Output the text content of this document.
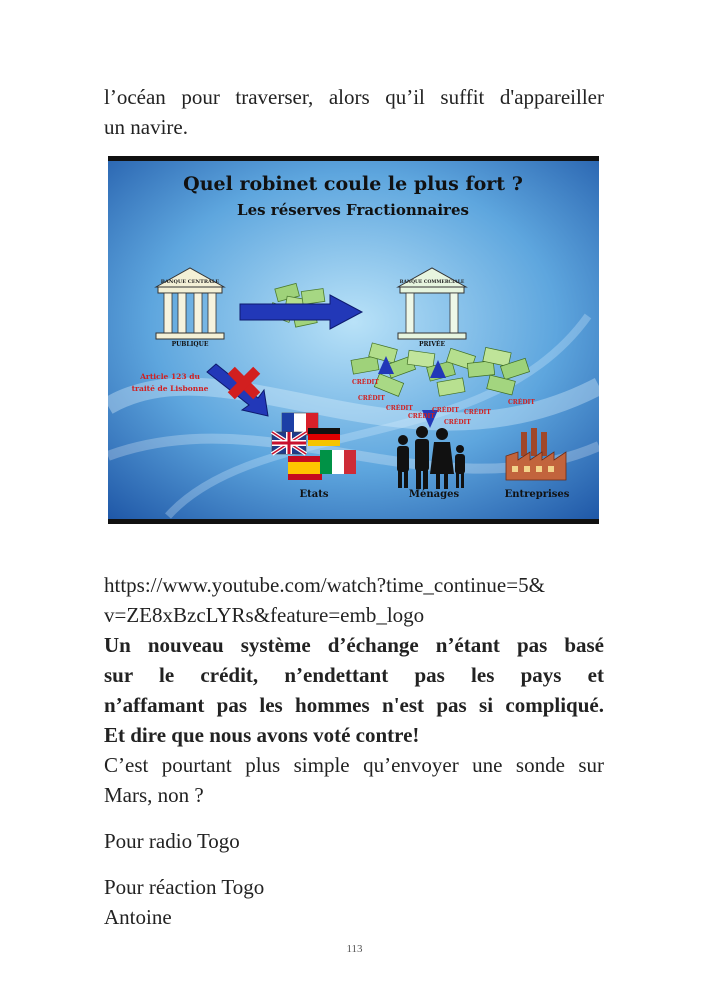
l’océan pour traverser, alors qu’il suffit d'appareiller

un navire.

Quel robinet coule le plus fort ?
Les réserves Fractionnaires
BANQUE CENTRALE
PUBLIQUE
BANQUE COMMERCIALE
PRIVÉE
Article 123 du
traité de Lisbonne
Etats
CRÉDIT
CRÉDIT
CRÉDIT
CRÉDIT
CRÉDIT
CRÉDIT
CRÉDIT
CRÉDIT
Ménages	Entreprises

https://www.youtube.com/watch?time_continue=5&

v=ZE8xBzcLYRs&feature=emb_logo

Un nouveau système d’échange n’étant pas basé

sur le crédit, n’endettant pas les pays et

n’affamant pas les hommes n'est pas si compliqué.

Et dire que nous avons voté contre!

C’est pourtant plus simple qu’envoyer une sonde sur

Mars, non ?

Pour radio Togo

Pour réaction Togo

Antoine

113
